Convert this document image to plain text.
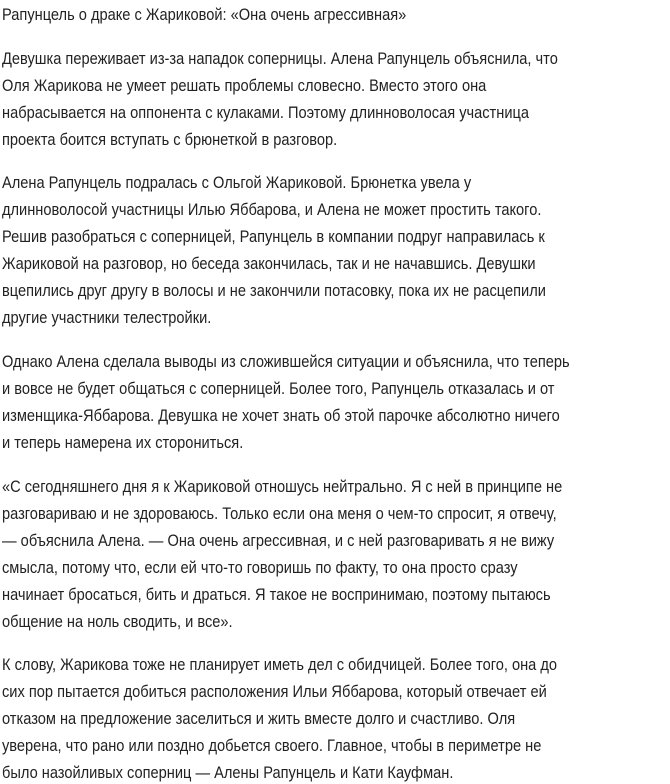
Рапунцель о драке с Жариковой: «Она очень агрессивная»
Девушка переживает из-за нападок соперницы. Алена Рапунцель объяснила, что
Оля Жарикова не умеет решать проблемы словесно. Вместо этого она
набрасывается на оппонента с кулаками. Поэтому длинноволосая участница
проекта боится вступать с брюнеткой в разговор.
Алена Рапунцель подралась с Ольгой Жариковой. Брюнетка увела у
длинноволосой участницы Илью Яббарова, и Алена не может простить такого.
Решив разобраться с соперницей, Рапунцель в компании подруг направилась к
Жариковой на разговор, но беседа закончилась, так и не начавшись. Девушки
вцепились друг другу в волосы и не закончили потасовку, пока их не расцепили
другие участники телестройки.
Однако Алена сделала выводы из сложившейся ситуации и объяснила, что теперь
и вовсе не будет общаться с соперницей. Более того, Рапунцель отказалась и от
изменщика-Яббарова. Девушка не хочет знать об этой парочке абсолютно ничего
и теперь намерена их сторониться.
«С сегодняшнего дня я к Жариковой отношусь нейтрально. Я с ней в принципе не
разговариваю и не здороваюсь. Только если она меня о чем-то спросит, я отвечу,
— объяснила Алена. — Она очень агрессивная, и с ней разговаривать я не вижу
смысла, потому что, если ей что-то говоришь по факту, то она просто сразу
начинает бросаться, бить и драться. Я такое не воспринимаю, поэтому пытаюсь
общение на ноль сводить, и все».
К слову, Жарикова тоже не планирует иметь дел с обидчицей. Более того, она до
сих пор пытается добиться расположения Ильи Яббарова, который отвечает ей
отказом на предложение заселиться и жить вместе долго и счастливо. Оля
уверена, что рано или поздно добьется своего. Главное, чтобы в периметре не
было назойливых соперниц — Алены Рапунцель и Кати Кауфман.
